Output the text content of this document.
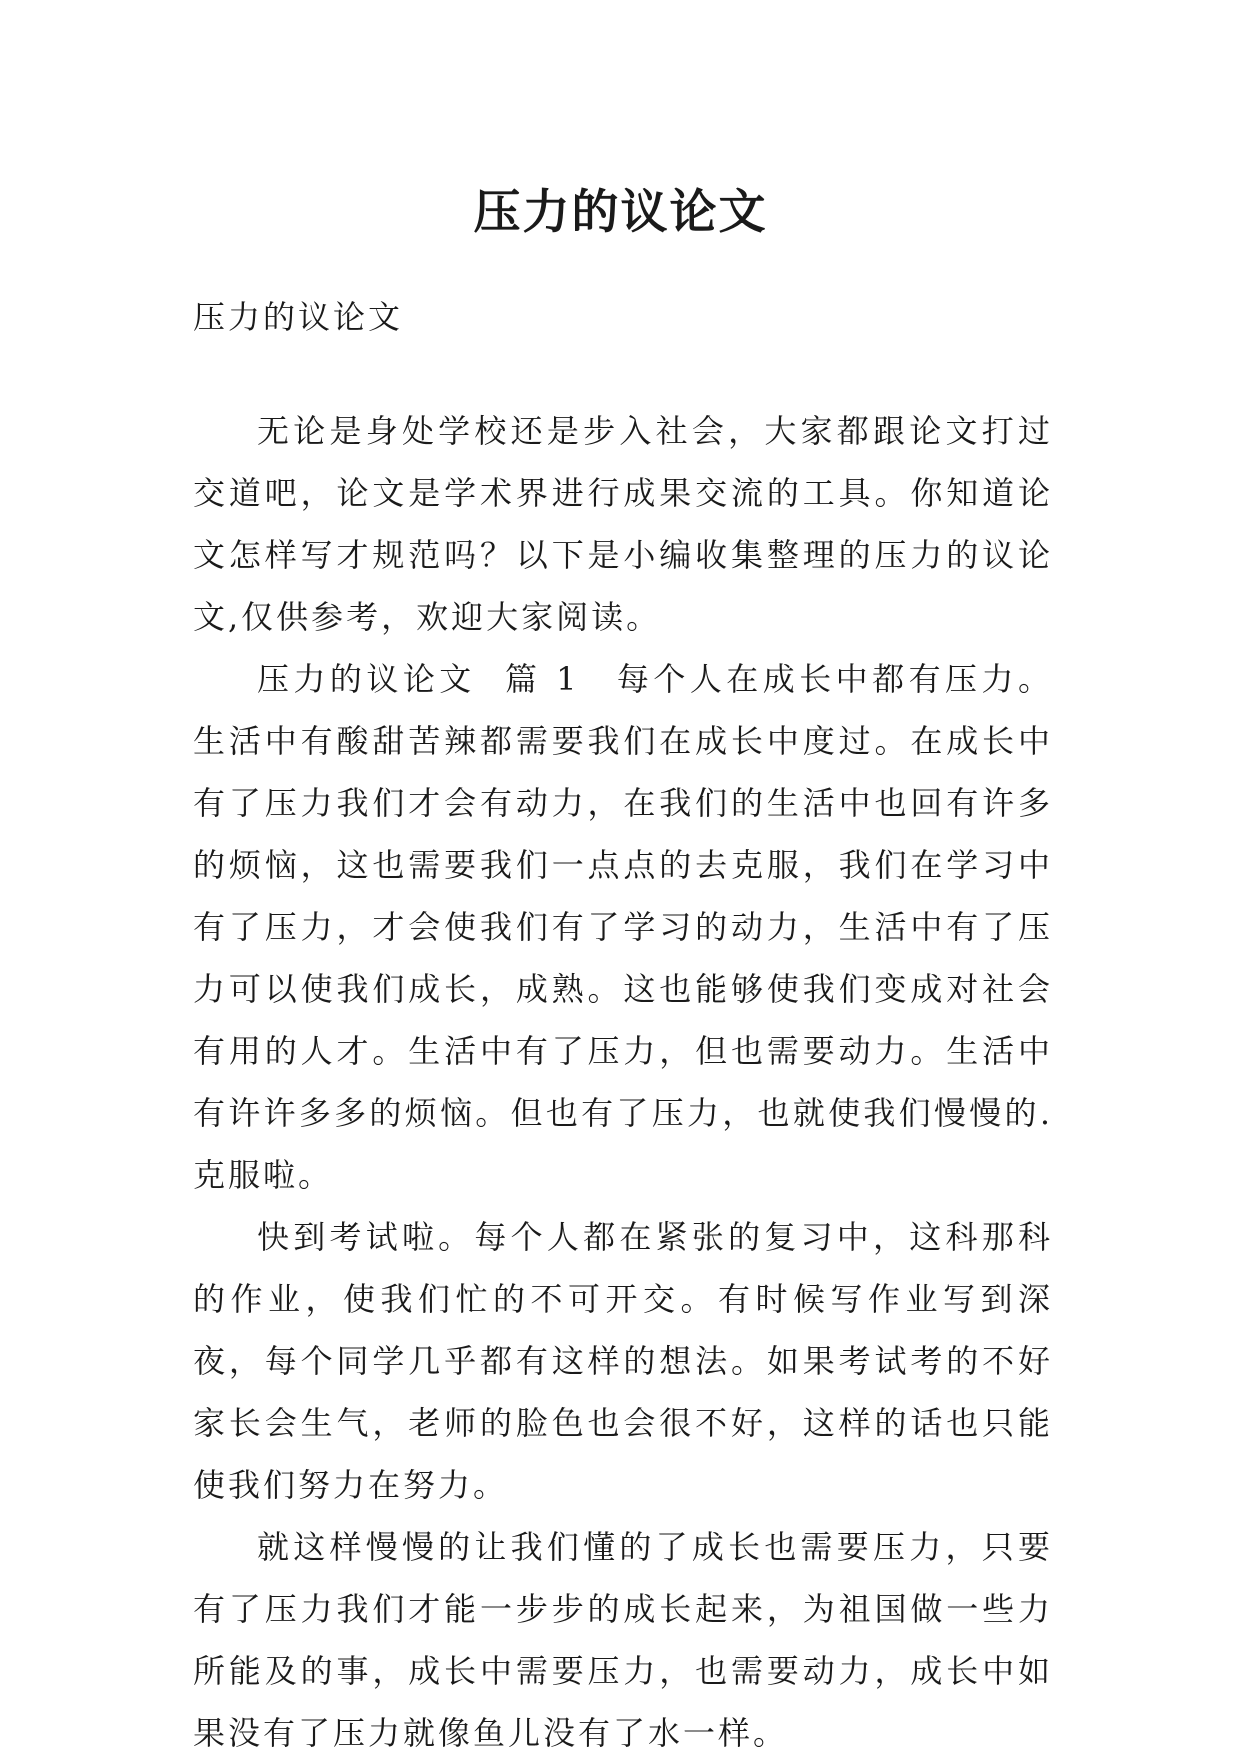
压力的议论文
压力的议论文

无论是身处学校还是步入社会，大家都跟论文打过交道吧，论文是学术界进行成果交流的工具。你知道论文怎样写才规范吗？以下是小编收集整理的压力的议论文,仅供参考，欢迎大家阅读。

压力的议论文  篇 1 每个人在成长中都有压力。生活中有酸甜苦辣都需要我们在成长中度过。在成长中有了压力我们才会有动力，在我们的生活中也回有许多的烦恼，这也需要我们一点点的去克服，我们在学习中有了压力，才会使我们有了学习的动力，生活中有了压力可以使我们成长，成熟。这也能够使我们变成对社会有用的人才。生活中有了压力，但也需要动力。生活中有许许多多的烦恼。但也有了压力，也就使我们慢慢的.克服啦。

快到考试啦。每个人都在紧张的复习中，这科那科的作业，使我们忙的不可开交。有时候写作业写到深夜，每个同学几乎都有这样的想法。如果考试考的不好家长会生气，老师的脸色也会很不好，这样的话也只能使我们努力在努力。

就这样慢慢的让我们懂的了成长也需要压力，只要有了压力我们才能一步步的成长起来，为祖国做一些力所能及的事，成长中需要压力，也需要动力，成长中如果没有了压力就像鱼儿没有了水一样。
